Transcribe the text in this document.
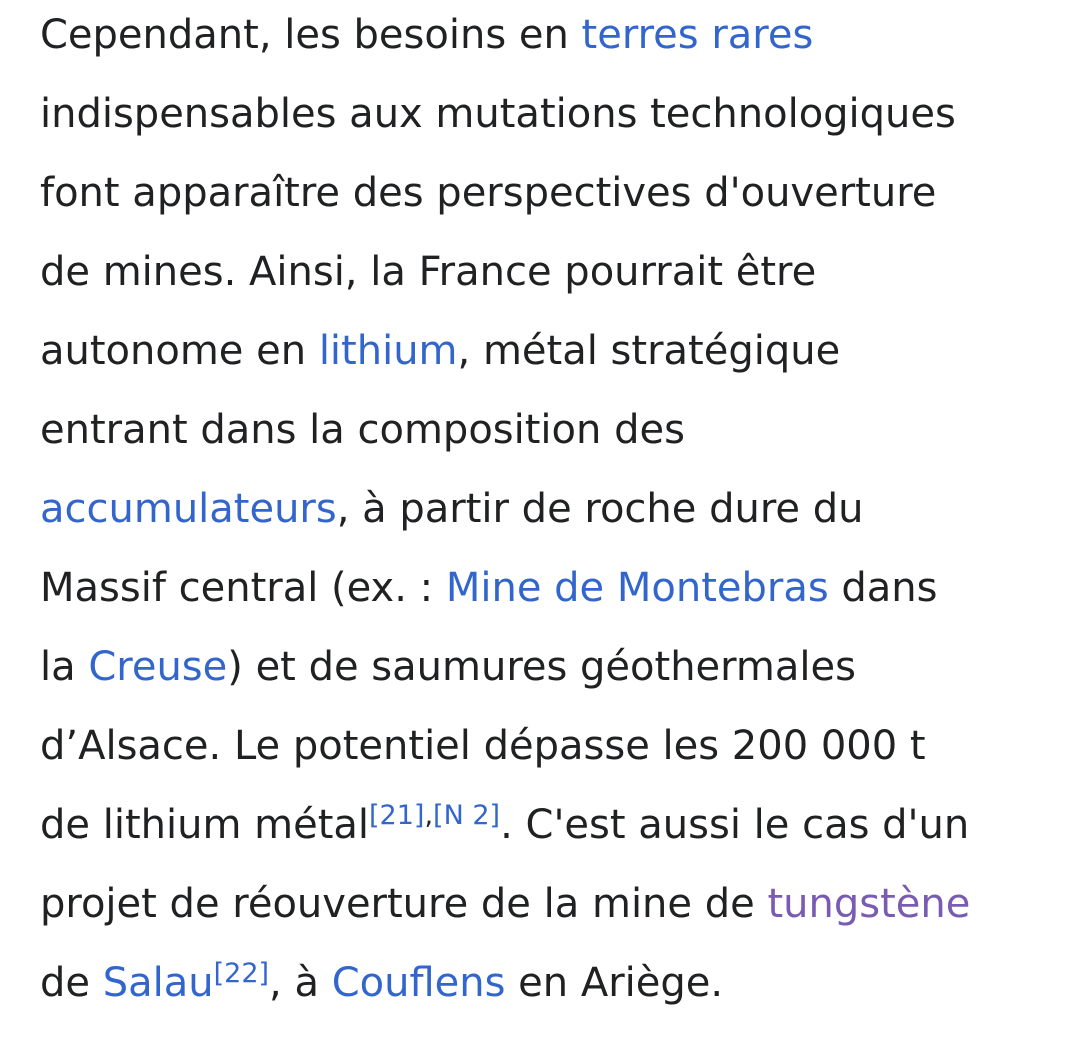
Cependant, les besoins en terres rares
indispensables aux mutations technologiques
font apparaître des perspectives d'ouverture
de mines. Ainsi, la France pourrait être
autonome en lithium, métal stratégique
entrant dans la composition des
accumulateurs, à partir de roche dure du
Massif central (ex. : Mine de Montebras dans
la Creuse) et de saumures géothermales
d’Alsace. Le potentiel dépasse les 200 000 t
de lithium métal[21],[N 2]. C'est aussi le cas d'un
projet de réouverture de la mine de tungstène
de Salau[22], à Couflens en Ariège.
